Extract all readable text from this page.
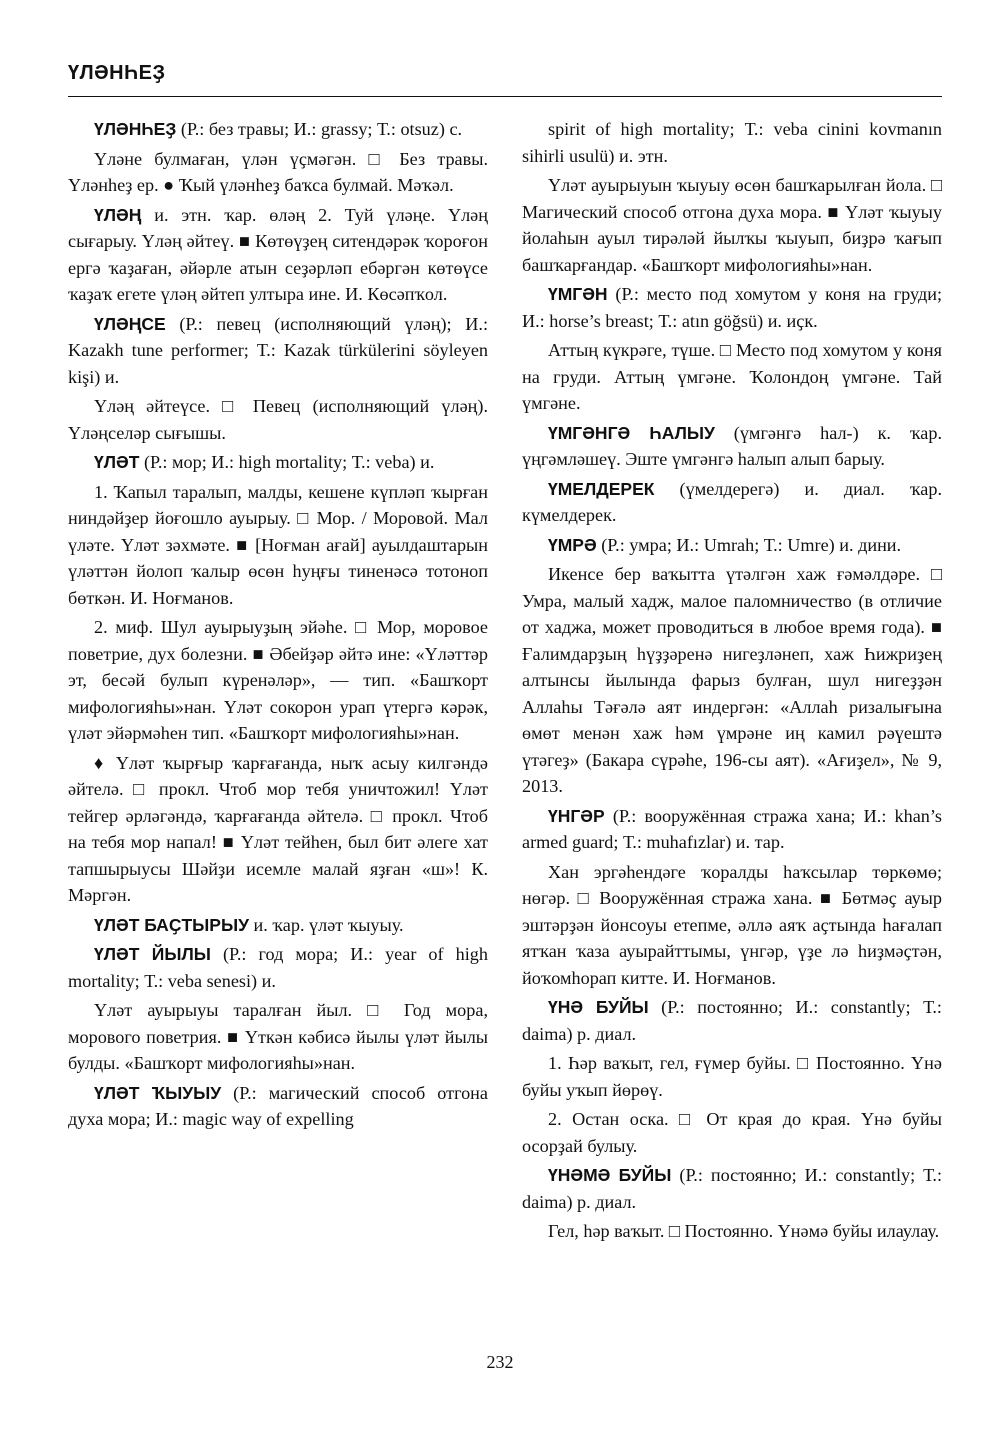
ҮЛӘНҺЕҘ

ҮЛӘНҺЕҘ (Р.: без травы; И.: grassy; Т.: otsuz) с.

Үләне булмаған, үлән үҫмәгән. □ Без травы. Үләнһеҙ ер. ● Ҡый үләнһеҙ баҡса булмай. Мәҡәл.

ҮЛӘҢ и. этн. ҡар. өләң 2. Туй үләңе. Үләң сығарыу. Үләң әйтеү. ■ Көтөүҙең ситендәрәк ҡороғон ергә ҡаҙаған, әйәрле атын сеҙәрләп ебәргән көтөүсе ҡаҙаҡ егете үләң әйтеп ултыра ине. И. Көсәпҡол.

ҮЛӘҢСЕ (Р.: певец (исполняющий үләң); И.: Kazakh tune performer; Т.: Kazak türkülerini söyleyen kişi) и.

Үләң әйтеүсе. □ Певец (исполняющий үләң). Үләңселәр сығышы.

ҮЛӘТ (Р.: мор; И.: high mortality; Т.: veba) и.

1. Ҡапыл таралып, малды, кешене күпләп ҡырған ниндәйҙер йоғошло ауырыу. □ Мор. / Моровой. Мал үләте. Үләт зәхмәте. ■ [Ноғман ағай] ауылдаштарын үләттән йолоп ҡалыр өсөн һуңғы тиненәсә тотоноп бөткән. И. Ноғманов.

2. миф. Шул ауырыуҙың эйәһе. □ Мор, моровое поветрие, дух болезни. ■ Әбейҙәр әйтә ине: «Үләттәр эт, бесәй булып күренәләр», — тип. «Башҡорт мифологияһы»нан. Үләт сокорон урап үтергә кәрәк, үләт эйәрмәһен тип. «Башҡорт мифологияһы»нан.

♦ Үләт ҡырғыр ҡарғағанда, ныҡ асыу килгәндә әйтелә. □ прокл. Чтоб мор тебя уничтожил! Үләт тейгер әрләгәндә, ҡарғағанда әйтелә. □ прокл. Чтоб на тебя мор напал! ■ Үләт тейһен, был бит әлеге хат тапшырыусы Шәйҙи исемле малай яҙған «ш»! К. Мәргән.

ҮЛӘТ БАҪТЫРЫУ и. ҡар. үләт ҡыуыу.

ҮЛӘТ ЙЫЛЫ (Р.: год мора; И.: year of high mortality; Т.: veba senesi) и.

Үләт ауырыуы таралған йыл. □ Год мора, морового поветрия. ■ Үткән кәбисә йылы үләт йылы булды. «Башҡорт мифологияһы»нан.

ҮЛӘТ ҠЫУЫУ (Р.: магический способ отгона духа мора; И.: magic way of expelling

spirit of high mortality; Т.: veba cinini kovmanın sihirli usulü) и. этн.

Үләт ауырыуын ҡыуыу өсөн башҡарылған йола. □ Магический способ отгона духа мора. ■ Үләт ҡыуыу йолаһын ауыл тирәләй йылҡы ҡыуып, биҙрә ҡағып башҡарғандар. «Башҡорт мифологияһы»нан.

ҮМГӘН (Р.: место под хомутом у коня на груди; И.: horse’s breast; Т.: atın göğsü) и. иҫк.

Аттың күкрәге, түше. □ Место под хомутом у коня на груди. Аттың үмгәне. Ҡолондоң үмгәне. Тай үмгәне.

ҮМГӘНГӘ ҺАЛЫУ (үмгәнгә һал-) к. ҡар. үңгәмләшеү. Эште үмгәнгә һалып алып барыу.

ҮМЕЛДЕРЕК (үмелдерегә) и. диал. ҡар. күмелдерек.

ҮМРӘ (Р.: умра; И.: Umrah; Т.: Umre) и. дини.

Икенсе бер ваҡытта үтәлгән хаж ғәмәлдәре. □ Умра, малый хадж, малое паломничество (в отличие от хаджа, может проводиться в любое время года). ■ Ғалимдарҙың һүҙҙәренә нигеҙләнеп, хаж Һижриҙең алтынсы йылында фарыз булған, шул нигеҙҙән Аллаһы Тәғәлә аят индергән: «Аллаһ ризалығына өмөт менән хаж һәм үмрәне иң камил рәүештә үтәгеҙ» (Бакара сүрәһе, 196-сы аят). «Ағиҙел», № 9, 2013.

ҮНГӘР (Р.: вооружённая стража хана; И.: khan’s armed guard; Т.: muhafızlar) и. тар.

Хан эргәһендәге ҡоралды һаҡсылар төркөмө; нөгәр. □ Вооружённая стража хана. ■ Бөтмәҫ ауыр эштәрҙән йонсоуы етепме, әллә аяҡ аҫтында һағалап ятҡан ҡаза ауырайттымы, үнгәр, үҙе лә һиҙмәҫтән, йоҡомһорап китте. И. Ноғманов.

ҮНӘ БУЙЫ (Р.: постоянно; И.: constantly; Т.: daima) р. диал.

1. Һәр ваҡыт, гел, ғүмер буйы. □ Постоянно. Үнә буйы уҡып йөрөү.

2. Остан оска. □ От края до края. Үнә буйы осорҙай булыу.

ҮНӘМӘ БУЙЫ (Р.: постоянно; И.: constantly; Т.: daima) р. диал.

Гел, һәр ваҡыт. □ Постоянно. Үнәмә буйы илаулау.

232
